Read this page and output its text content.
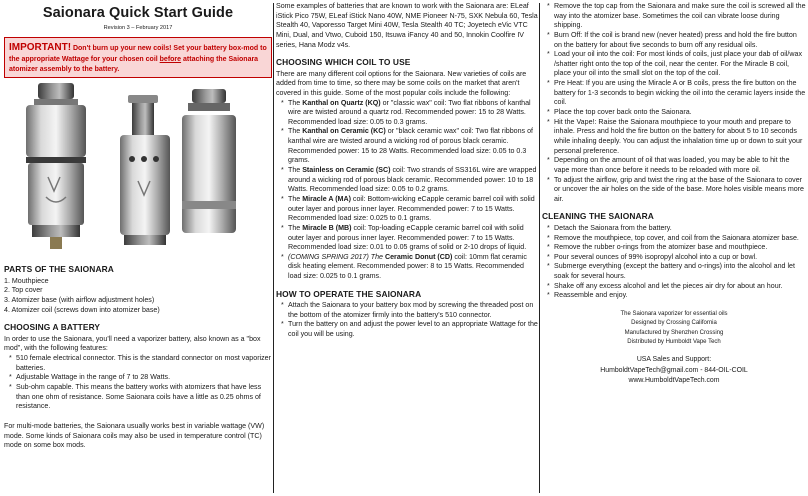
Saionara Quick Start Guide
Revision 3 – February 2017
IMPORTANT! Don't burn up your new coils! Set your battery box-mod to the appropriate Wattage for your chosen coil before attaching the Saionara atomizer assembly to the battery.
1
2
3
4
1
2
3
PARTS OF THE SAIONARA
1. Mouthpiece
2. Top cover
3. Atomizer base (with airflow adjustment holes)
4. Atomizer coil (screws down into atomizer base)
CHOOSING A BATTERY

In order to use the Saionara, you'll need a vaporizer battery, also known as a "box mod", with the following features:

* 510 female electrical connector. This is the standard connector on most vaporizer batteries.
* Adjustable Wattage in the range of 7 to 28 Watts.
* Sub-ohm capable. This means the battery works with atomizers that have less than one ohm of resistance. Some Saionara coils have a little as 0.25 ohms of resistance.

For multi-mode batteries, the Saionara usually works best in variable wattage (VW) mode. Some kinds of Saionara coils may also be used in temperature control (TC) mode on some box mods.

Some examples of batteries that are known to work with the Saionara are: ELeaf iStick Pico 75W, ELeaf iStick Nano 40W, NME Pioneer N-75, SXK Nebula 60, Tesla Stealth 40, Vaporesso Target Mini 40W, Tesla Stealth 40 TC; Joyetech eVic VTC Mini, Dual, and Vtwo, Cuboid 150, Itsuwa iFancy 40 and 50, Innokin Coolfire IV series, Hana Modz v4s.

CHOOSING WHICH COIL TO USE

There are many different coil options for the Saionara. New varieties of coils are added from time to time, so there may be some coils on the market that aren't covered in this guide. Some of the most popular coils include the following:

* The Kanthal on Quartz (KQ) or "classic wax" coil: Two flat ribbons of kanthal wire are twisted around a quartz rod. Recommended power: 15 to 28 Watts. Recommended load size: 0.05 to 0.3 grams.
* The Kanthal on Ceramic (KC) or "black ceramic wax" coil: Two flat ribbons of kanthal wire are twisted around a wicking rod of porous black ceramic. Recommended power: 15 to 28 Watts. Recommended load size: 0.05 to 0.3 grams.
* The Stainless on Ceramic (SC) coil: Two strands of SS316L wire are wrapped around a wicking rod of porous black ceramic. Recommended power: 10 to 18 Watts. Recommended load size: 0.05 to 0.2 grams.
* The Miracle A (MA) coil: Bottom-wicking eCapple ceramic barrel coil with solid outer layer and porous inner layer. Recommended power: 7 to 15 Watts. Recommended load size: 0.025 to 0.1 grams.
* The Miracle B (MB) coil: Top-loading eCapple ceramic barrel coil with solid outer layer and porous inner layer. Recommended power: 7 to 15 Watts. Recommended load size: 0.01 to 0.05 grams of solid or 2-10 drops of liquid.
* (COMING SPRING 2017) The Ceramic Donut (CD) coil: 10mm flat ceramic disk heating element. Recommended power: 8 to 15 Watts. Recommended load size: 0.025 to 0.1 grams.
HOW TO OPERATE THE SAIONARA
* Attach the Saionara to your battery box mod by screwing the threaded post on the bottom of the atomizer firmly into the battery's 510 connector.
* Turn the battery on and adjust the power level to an appropriate Wattage for the coil you will be using.
* Remove the top cap from the Saionara and make sure the coil is screwed all the way into the atomizer base. Sometimes the coil can vibrate loose during shipping.
* Burn Off: If the coil is brand new (never heated) press and hold the fire button on the battery for about five seconds to burn off any residual oils.
* Load your oil into the coil: For most kinds of coils, just place your dab of oil/wax /shatter right onto the top of the coil, near the center. For the Miracle B coil, place your oil into the small slot on the top of the coil.
* Pre Heat: If you are using the Miracle A or B coils, press the fire button on the battery for 1-3 seconds to begin wicking the oil into the ceramic layers inside the coil.
* Place the top cover back onto the Saionara.
* Hit the Vape!: Raise the Saionara mouthpiece to your mouth and prepare to inhale. Press and hold the fire button on the battery for about 5 to 10 seconds while inhaling deeply. You can adjust the inhalation time up or down to suit your personal preference.
* Depending on the amount of oil that was loaded, you may be able to hit the vape more than once before it needs to be reloaded with more oil.
* To adjust the airflow, grip and twist the ring at the base of the Saionara to cover or uncover the air holes on the side of the base. More holes visible means more air.
CLEANING THE SAIONARA
* Detach the Saionara from the battery.
* Remove the mouthpiece, top cover, and coil from the Saionara atomizer base.
* Remove the rubber o-rings from the atomizer base and mouthpiece.
* Pour several ounces of 99% isopropyl alcohol into a cup or bowl.
* Submerge everything (except the battery and o-rings) into the alcohol and let soak for several hours.
* Shake off any excess alcohol and let the pieces air dry for about an hour.
* Reassemble and enjoy.
The Saionara vaporizer for essential oils
Designed by Crossing California
Manufactured by Shenzhen Crossing
Distributed by Humboldt Vape Tech
USA Sales and Support:
HumboldtVapeTech@gmail.com - 844-OIL-COIL
www.HumboldtVapeTech.com
